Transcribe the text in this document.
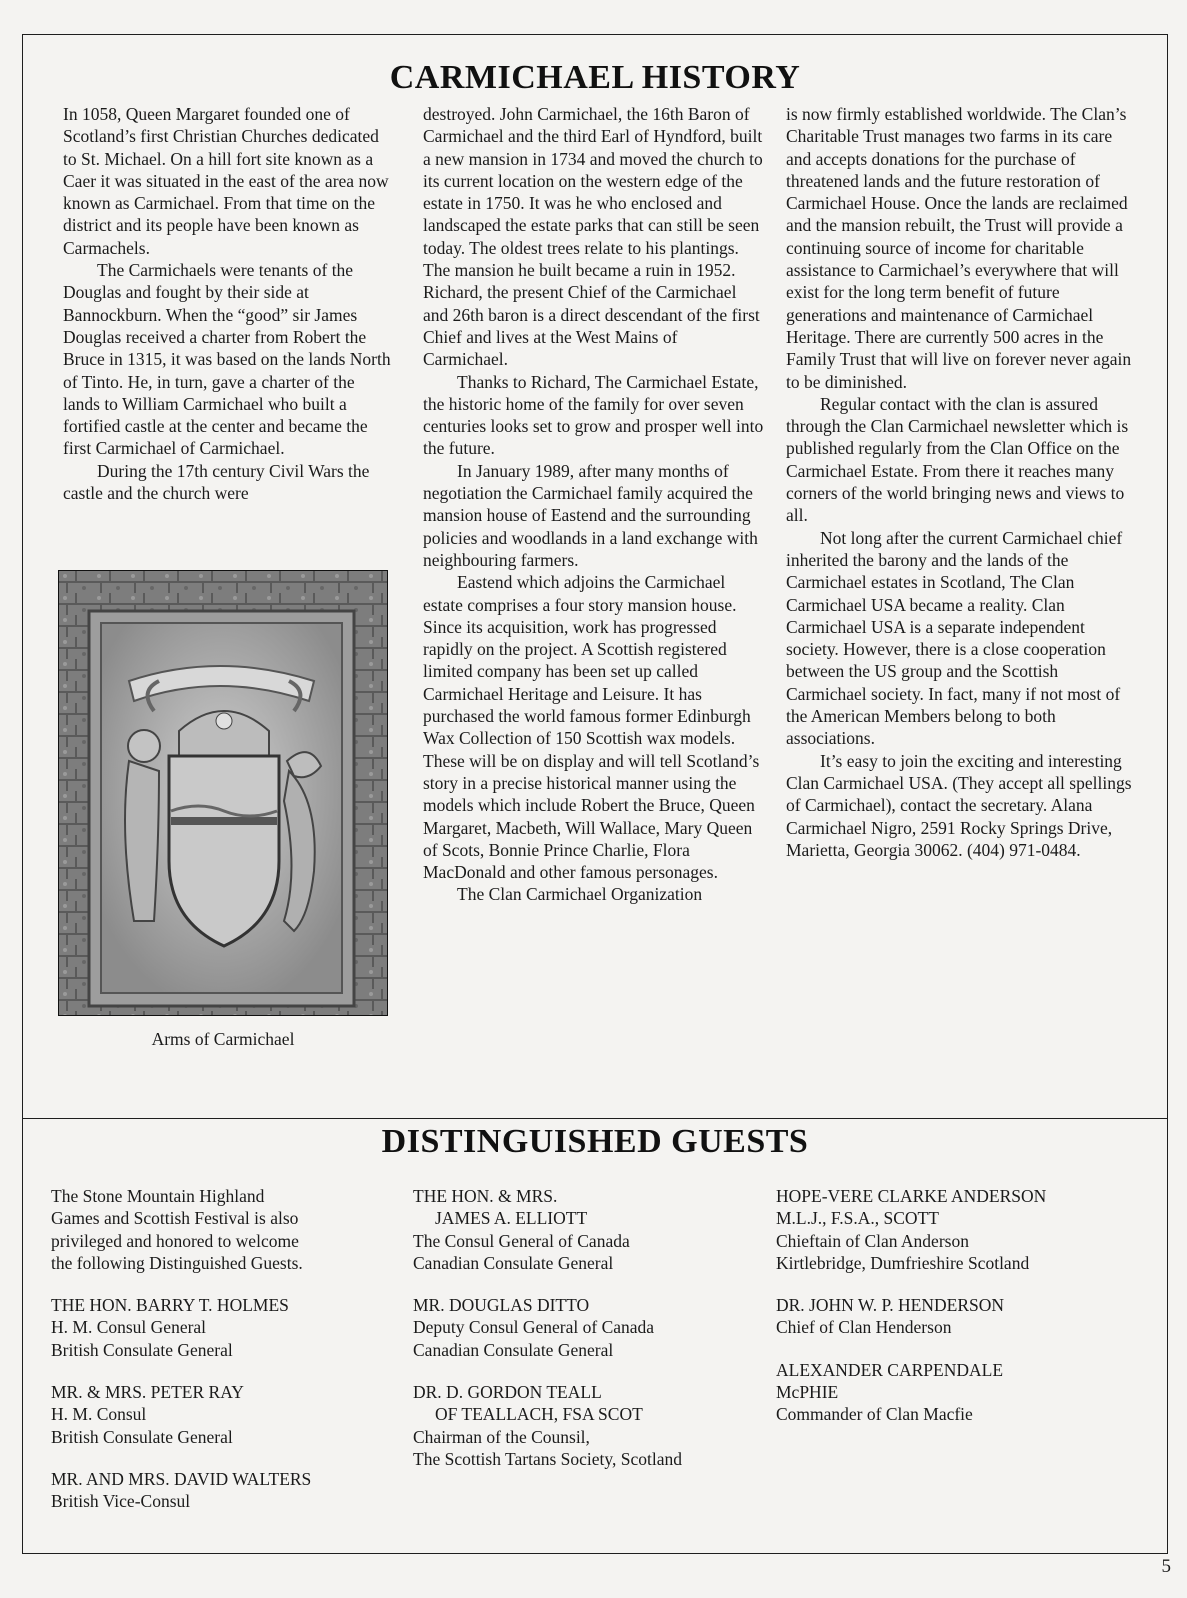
CARMICHAEL HISTORY

In 1058, Queen Margaret founded one of Scotland’s first Christian Churches dedicated to St. Michael. On a hill fort site known as a Caer it was situated in the east of the area now known as Carmichael. From that time on the district and its people have been known as Carmachels.

The Carmichaels were tenants of the Douglas and fought by their side at Bannockburn. When the “good” sir James Douglas received a charter from Robert the Bruce in 1315, it was based on the lands North of Tinto. He, in turn, gave a charter of the lands to William Carmichael who built a fortified castle at the center and became the first Carmichael of Carmichael.

During the 17th century Civil Wars the castle and the church were

Arms of Carmichael

destroyed. John Carmichael, the 16th Baron of Carmichael and the third Earl of Hyndford, built a new mansion in 1734 and moved the church to its current location on the western edge of the estate in 1750. It was he who enclosed and landscaped the estate parks that can still be seen today. The oldest trees relate to his plantings. The mansion he built became a ruin in 1952. Richard, the present Chief of the Carmichael and 26th baron is a direct descendant of the first Chief and lives at the West Mains of Carmichael.

Thanks to Richard, The Carmichael Estate, the historic home of the family for over seven centuries looks set to grow and prosper well into the future.

In January 1989, after many months of negotiation the Carmichael family acquired the mansion house of Eastend and the surrounding policies and woodlands in a land exchange with neighbouring farmers.

Eastend which adjoins the Carmichael estate comprises a four story mansion house. Since its acquisition, work has progressed rapidly on the project. A Scottish registered limited company has been set up called Carmichael Heritage and Leisure. It has purchased the world famous former Edinburgh Wax Collection of 150 Scottish wax models. These will be on display and will tell Scotland’s story in a precise historical manner using the models which include Robert the Bruce, Queen Margaret, Macbeth, Will Wallace, Mary Queen of Scots, Bonnie Prince Charlie, Flora MacDonald and other famous personages.

The Clan Carmichael Organization

is now firmly established worldwide. The Clan’s Charitable Trust manages two farms in its care and accepts donations for the purchase of threatened lands and the future restoration of Carmichael House. Once the lands are reclaimed and the mansion rebuilt, the Trust will provide a continuing source of income for charitable assistance to Carmichael’s everywhere that will exist for the long term benefit of future generations and maintenance of Carmichael Heritage. There are currently 500 acres in the Family Trust that will live on forever never again to be diminished.

Regular contact with the clan is assured through the Clan Carmichael newsletter which is published regularly from the Clan Office on the Carmichael Estate. From there it reaches many corners of the world bringing news and views to all.

Not long after the current Carmichael chief inherited the barony and the lands of the Carmichael estates in Scotland, The Clan Carmichael USA became a reality. Clan Carmichael USA is a separate independent society. However, there is a close cooperation between the US group and the Scottish Carmichael society. In fact, many if not most of the American Members belong to both associations.

It’s easy to join the exciting and interesting Clan Carmichael USA. (They accept all spellings of Carmichael), contact the secretary. Alana Carmichael Nigro, 2591 Rocky Springs Drive, Marietta, Georgia 30062. (404) 971-0484.

DISTINGUISHED GUESTS
The Stone Mountain Highland
Games and Scottish Festival is also
privileged and honored to welcome
the following Distinguished Guests.
THE HON. BARRY T. HOLMES
H. M. Consul General
British Consulate General
MR. & MRS. PETER RAY
H. M. Consul
British Consulate General
MR. AND MRS. DAVID WALTERS
British Vice-Consul
THE HON. & MRS.
JAMES A. ELLIOTT
The Consul General of Canada
Canadian Consulate General
MR. DOUGLAS DITTO
Deputy Consul General of Canada
Canadian Consulate General
DR. D. GORDON TEALL
OF TEALLACH, FSA SCOT
Chairman of the Counsil,
The Scottish Tartans Society, Scotland
HOPE-VERE CLARKE ANDERSON
M.L.J., F.S.A., SCOTT
Chieftain of Clan Anderson
Kirtlebridge, Dumfrieshire Scotland
DR. JOHN W. P. HENDERSON
Chief of Clan Henderson
ALEXANDER CARPENDALE
McPHIE
Commander of Clan Macfie
5
